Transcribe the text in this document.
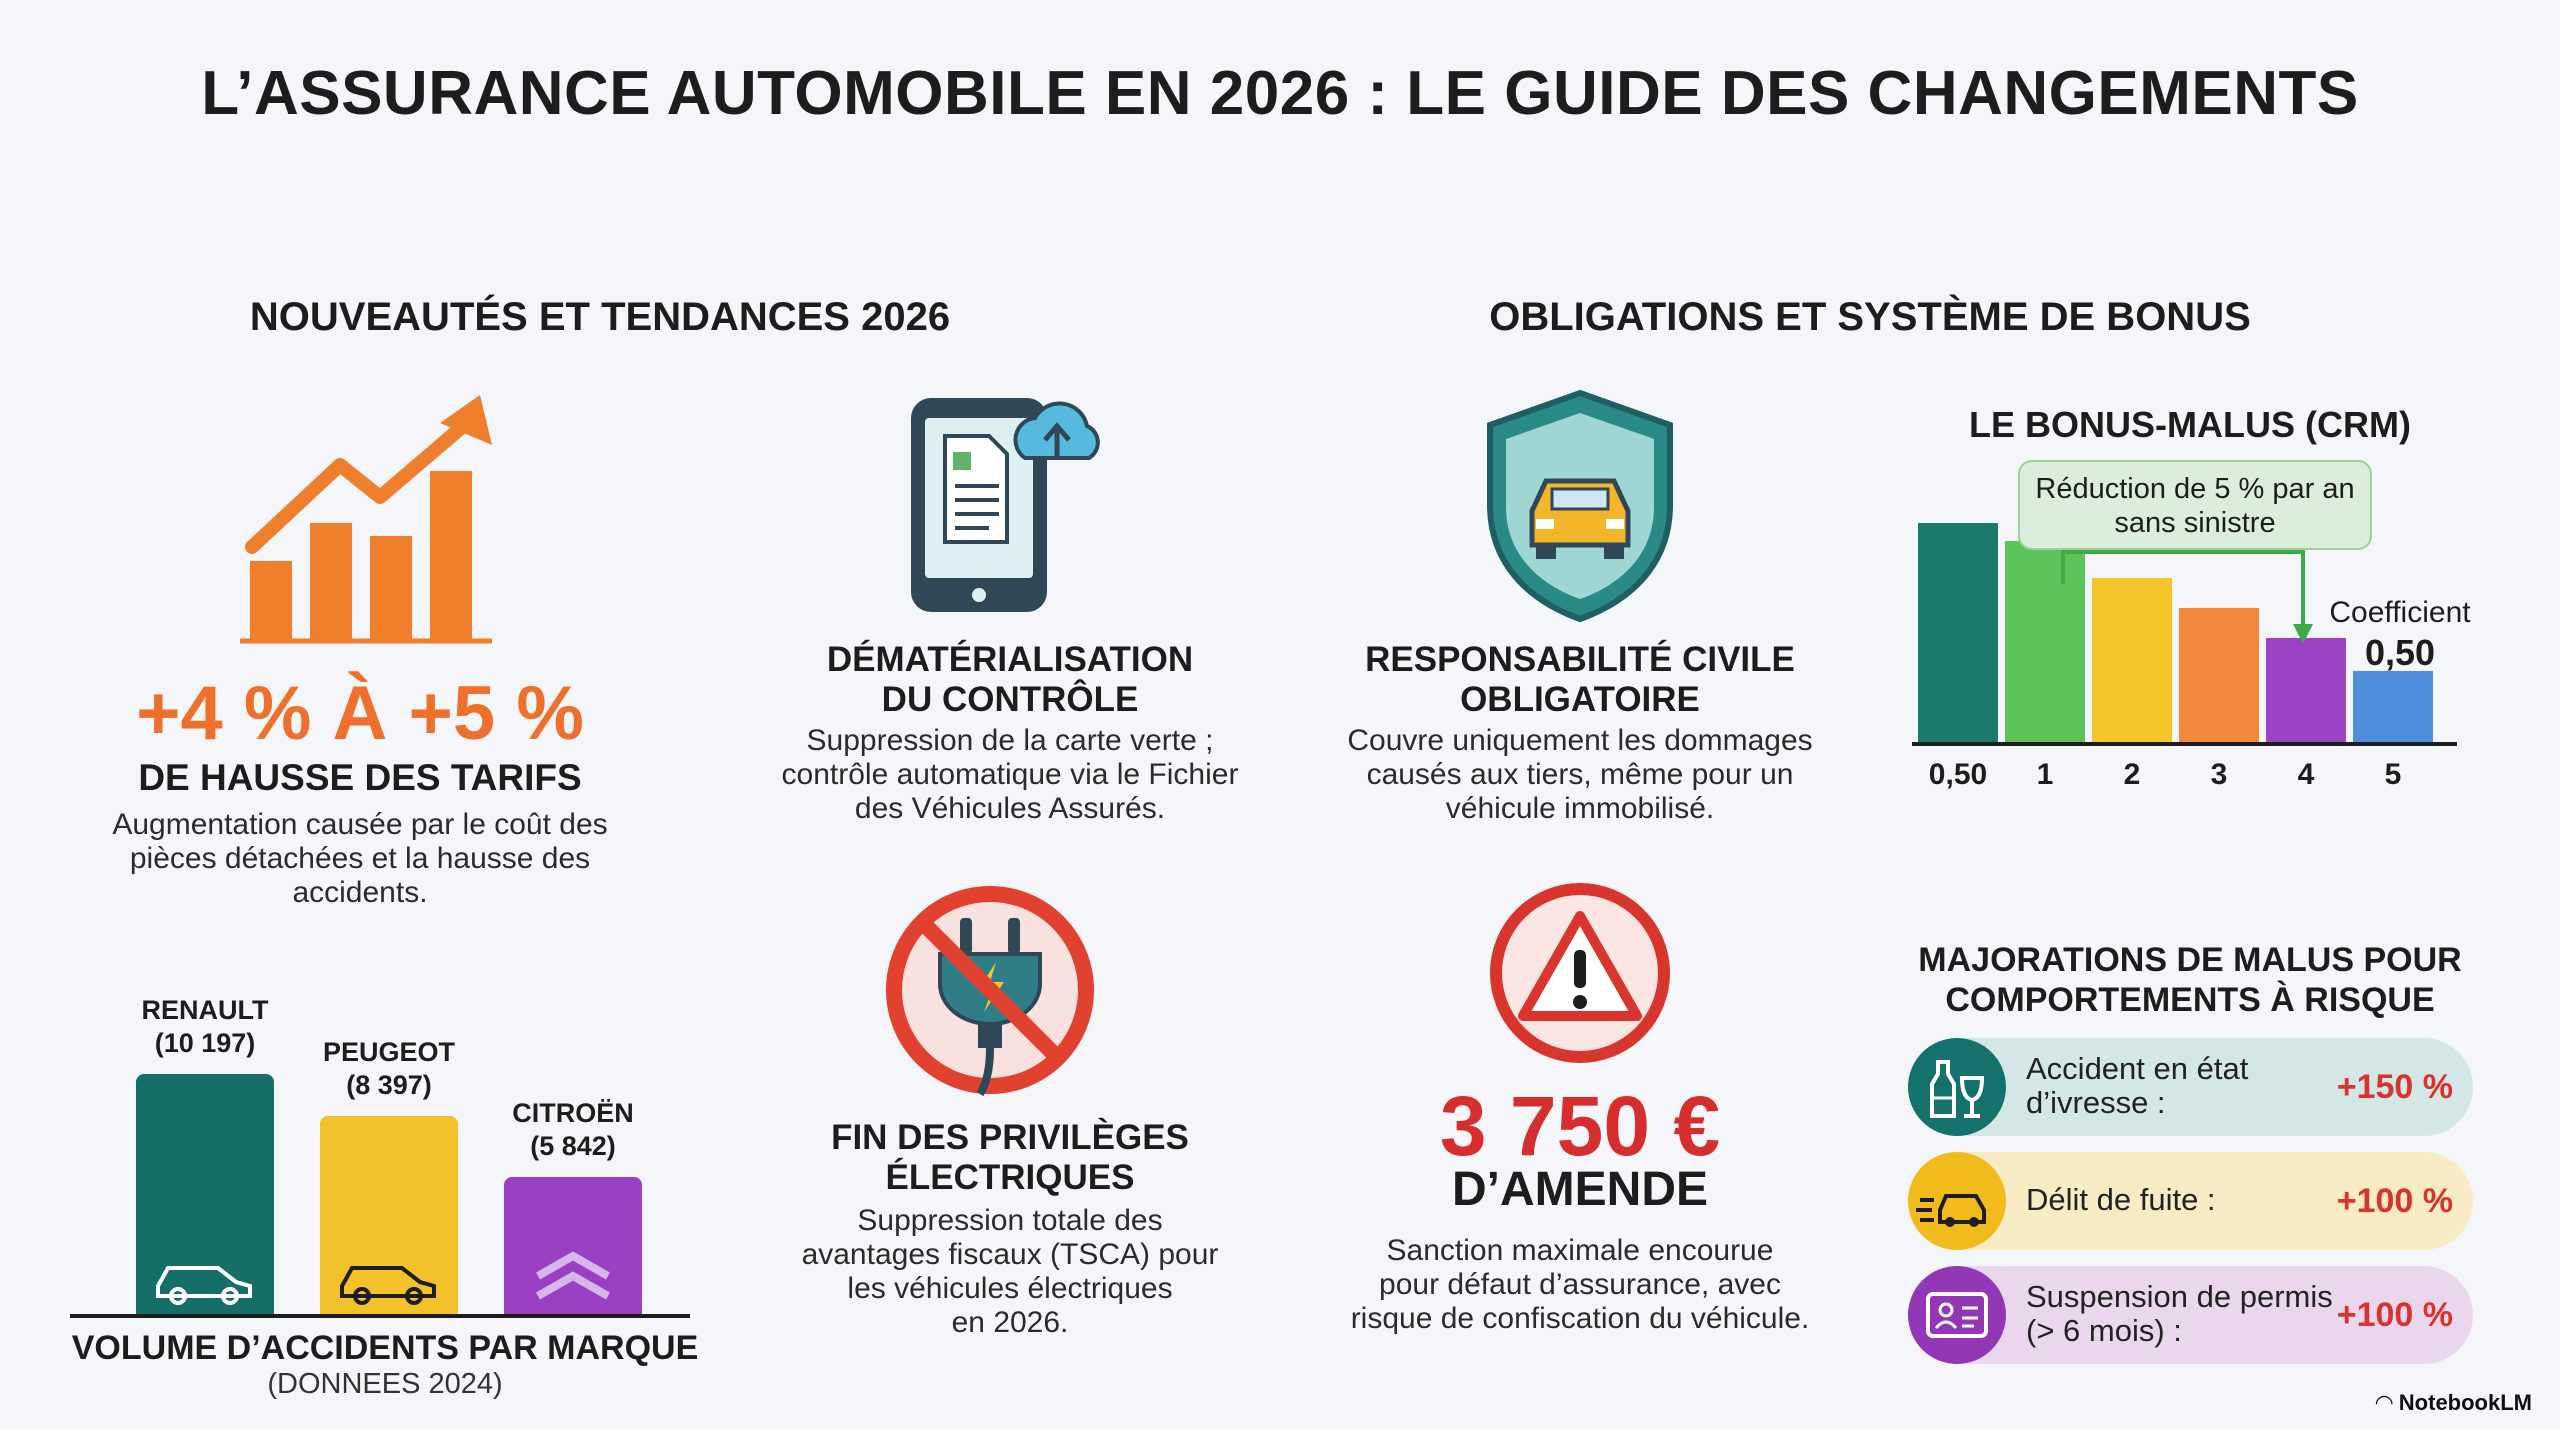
L’ASSURANCE AUTOMOBILE EN 2026 : LE GUIDE DES CHANGEMENTS
NOUVEAUTÉS ET TENDANCES 2026	OBLIGATIONS ET SYSTÈME DE BONUS
+4 % À +5 %
DE HAUSSE DES TARIFS
Augmentation causée par le coût des
pièces détachées et la hausse des
accidents.
DÉMATÉRIALISATION
DU CONTRÔLE
Suppression de la carte verte ;
contrôle automatique via le Fichier
des Véhicules Assurés.
FIN DES PRIVILÈGES
ÉLECTRIQUES
Suppression totale des
avantages fiscaux (TSCA) pour
les véhicules électriques
en 2026.
RENAULT
(10 197)	PEUGEOT
(8 397)
CITROËN
(5 842)
VOLUME D’ACCIDENTS PAR MARQUE
(DONNEES 2024)
RESPONSABILITÉ CIVILE
OBLIGATOIRE
Couvre uniquement les dommages
causés aux tiers, même pour un
véhicule immobilisé.
3 750 €
D’AMENDE
Sanction maximale encourue
pour défaut d’assurance, avec
risque de confiscation du véhicule.
LE BONUS-MALUS (CRM)
0,50	1	2	3	4	5
Réduction de 5 % par an
sans sinistre
Coefficient
0,50
MAJORATIONS DE MALUS POUR
COMPORTEMENTS À RISQUE
Accident en état
d’ivresse :	+150 %
Délit de fuite :	+100 %
Suspension de permis
(> 6 mois) :	+100 %
◠ NotebookLM
